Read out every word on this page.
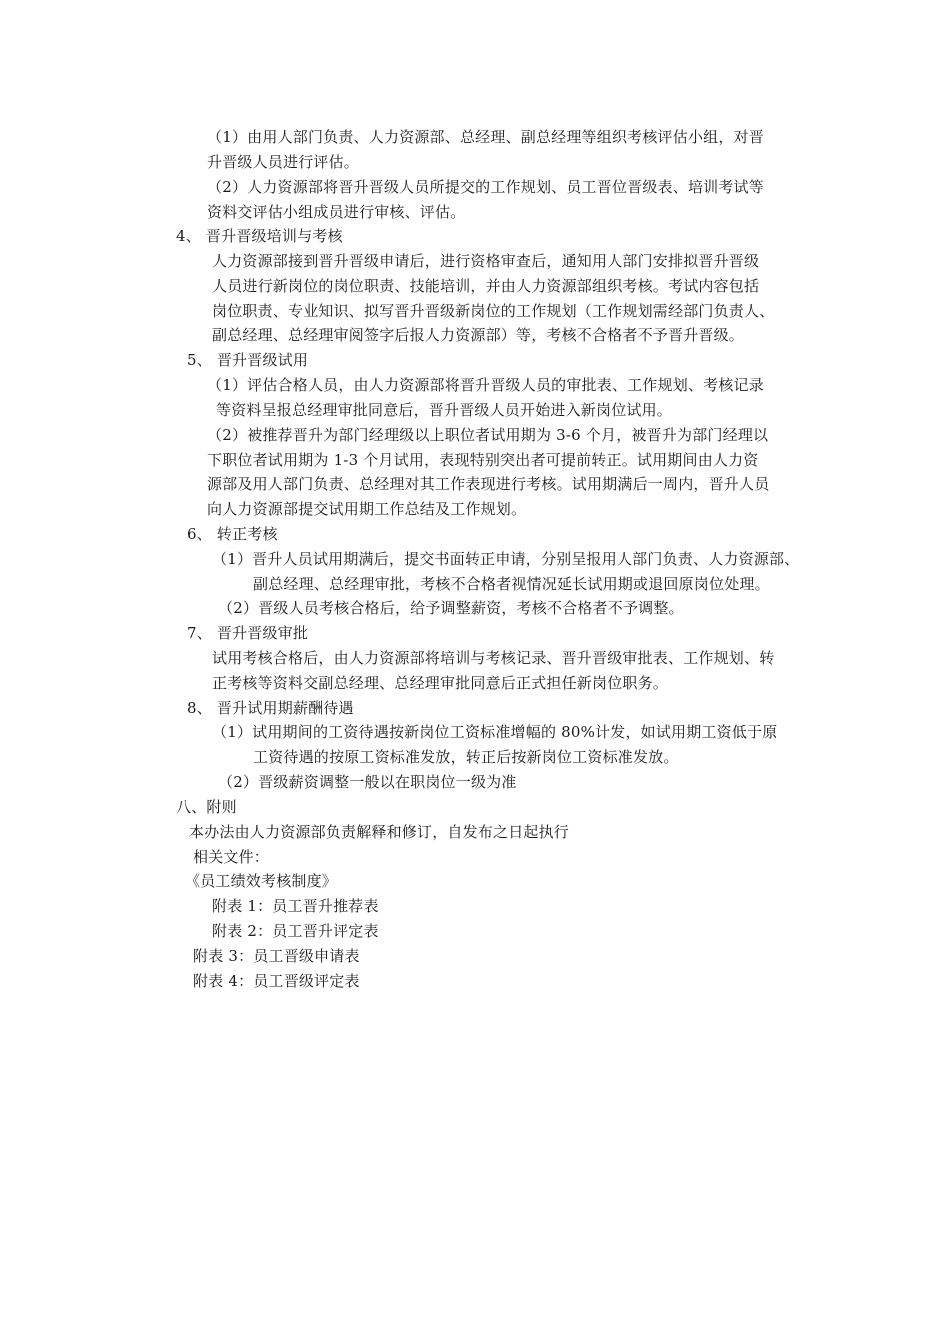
（1）由用人部门负责、人力资源部、总经理、副总经理等组织考核评估小组，对晋
升晋级人员进行评估。
（2）人力资源部将晋升晋级人员所提交的工作规划、员工晋位晋级表、培训考试等
资料交评估小组成员进行审核、评估。
4、 晋升晋级培训与考核
人力资源部接到晋升晋级申请后，进行资格审查后，通知用人部门安排拟晋升晋级
人员进行新岗位的岗位职责、技能培训，并由人力资源部组织考核。考试内容包括
岗位职责、专业知识、拟写晋升晋级新岗位的工作规划（工作规划需经部门负责人、
副总经理、总经理审阅签字后报人力资源部）等，考核不合格者不予晋升晋级。
5、 晋升晋级试用
（1）评估合格人员，由人力资源部将晋升晋级人员的审批表、工作规划、考核记录
等资料呈报总经理审批同意后，晋升晋级人员开始进入新岗位试用。
（2）被推荐晋升为部门经理级以上职位者试用期为 3-6 个月，被晋升为部门经理以
下职位者试用期为 1-3 个月试用，表现特别突出者可提前转正。试用期间由人力资
源部及用人部门负责、总经理对其工作表现进行考核。试用期满后一周内，晋升人员
向人力资源部提交试用期工作总结及工作规划。
6、 转正考核
（1）晋升人员试用期满后，提交书面转正申请，分别呈报用人部门负责、人力资源部、
副总经理、总经理审批，考核不合格者视情况延长试用期或退回原岗位处理。
（2）晋级人员考核合格后，给予调整薪资，考核不合格者不予调整。
7、 晋升晋级审批
试用考核合格后，由人力资源部将培训与考核记录、晋升晋级审批表、工作规划、转
正考核等资料交副总经理、总经理审批同意后正式担任新岗位职务。
8、 晋升试用期薪酬待遇
（1）试用期间的工资待遇按新岗位工资标准增幅的 80%计发，如试用期工资低于原
工资待遇的按原工资标准发放，转正后按新岗位工资标准发放。
（2）晋级薪资调整一般以在职岗位一级为准
八、附则
本办法由人力资源部负责解释和修订，自发布之日起执行
相关文件：
《员工绩效考核制度》
附表 1：员工晋升推荐表
附表 2：员工晋升评定表
附表 3：员工晋级申请表
附表 4：员工晋级评定表
